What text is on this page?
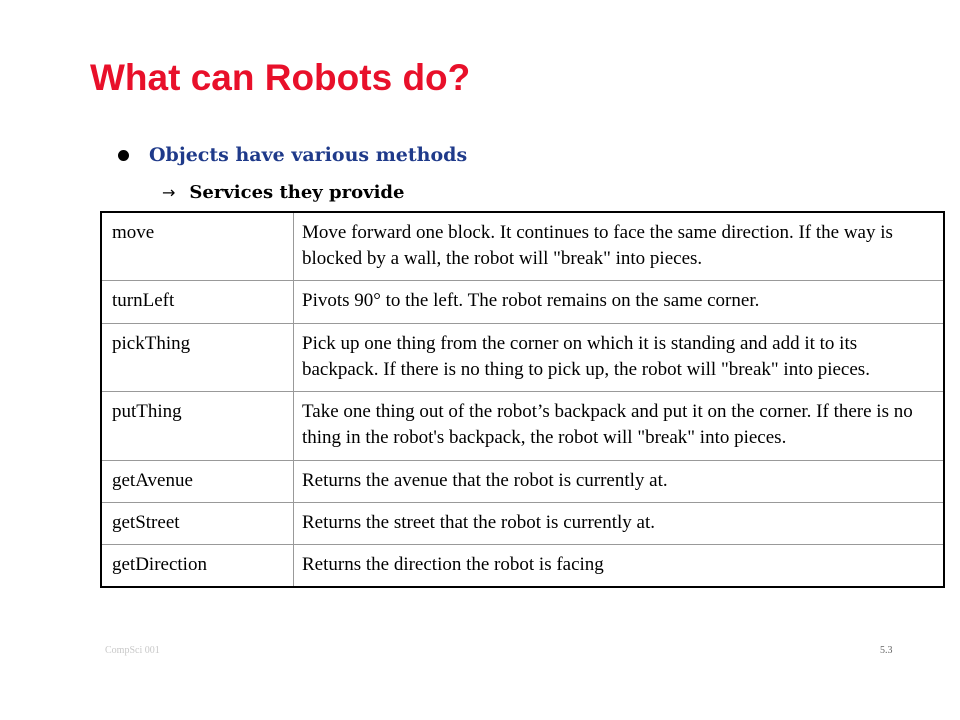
What can Robots do?
Objects have various methods
→ Services they provide
move	Move forward one block. It continues to face the same direction. If the way is blocked by a wall, the robot will "break" into pieces.
turnLeft	Pivots 90° to the left. The robot remains on the same corner.
pickThing	Pick up one thing from the corner on which it is standing and add it to its backpack. If there is no thing to pick up, the robot will "break" into pieces.
putThing	Take one thing out of the robot’s backpack and put it on the corner. If there is no thing in the robot's backpack, the robot will "break" into pieces.
getAvenue	Returns the avenue that the robot is currently at.
getStreet	Returns the street that the robot is currently at.
getDirection	Returns the direction the robot is facing
CompSci 001	5.3
